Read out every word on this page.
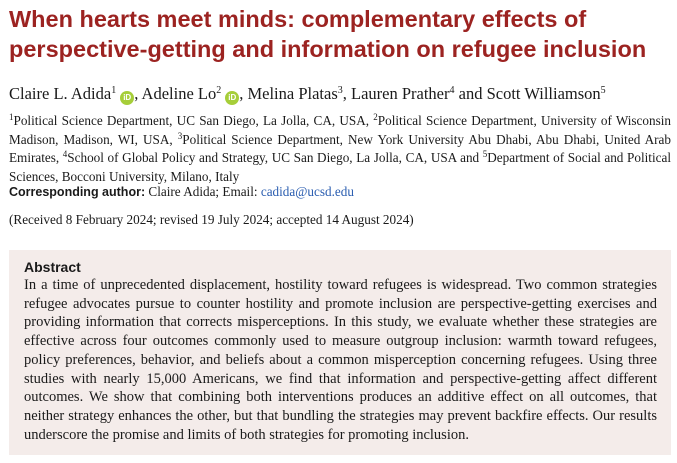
When hearts meet minds: complementary effects of
perspective-getting and information on refugee inclusion
Claire L. Adida$^1$iD , Adeline Lo$^2$iD , Melina Platas$^3$, Lauren Prather$^4$ and Scott Williamson$^5$
$^1$Political Science Department, UC San Diego, La Jolla, CA, USA, $^2$Political Science Department, University of Wisconsin Madison, Madison, WI, USA, $^3$Political Science Department, New York University Abu Dhabi, Abu Dhabi, United Arab Emirates, $^4$School of Global Policy and Strategy, UC San Diego, La Jolla, CA, USA and $^5$Department of Social and Political Sciences, Bocconi University, Milano, Italy
Corresponding author: Claire Adida; Email: cadida@ucsd.edu
(Received 8 February 2024; revised 19 July 2024; accepted 14 August 2024)
Abstract

In a time of unprecedented displacement, hostility toward refugees is widespread. Two common strategies refugee advocates pursue to counter hostility and promote inclusion are perspective-getting exercises and providing information that corrects misperceptions. In this study, we evaluate whether these strategies are effective across four outcomes commonly used to measure outgroup inclusion: warmth toward refugees, policy preferences, behavior, and beliefs about a common misperception concerning refugees. Using three studies with nearly 15,000 Americans, we find that information and perspective-getting affect different outcomes. We show that combining both interventions produces an additive effect on all outcomes, that neither strategy enhances the other, but that bundling the strategies may prevent backfire effects. Our results underscore the promise and limits of both strategies for promoting inclusion.
